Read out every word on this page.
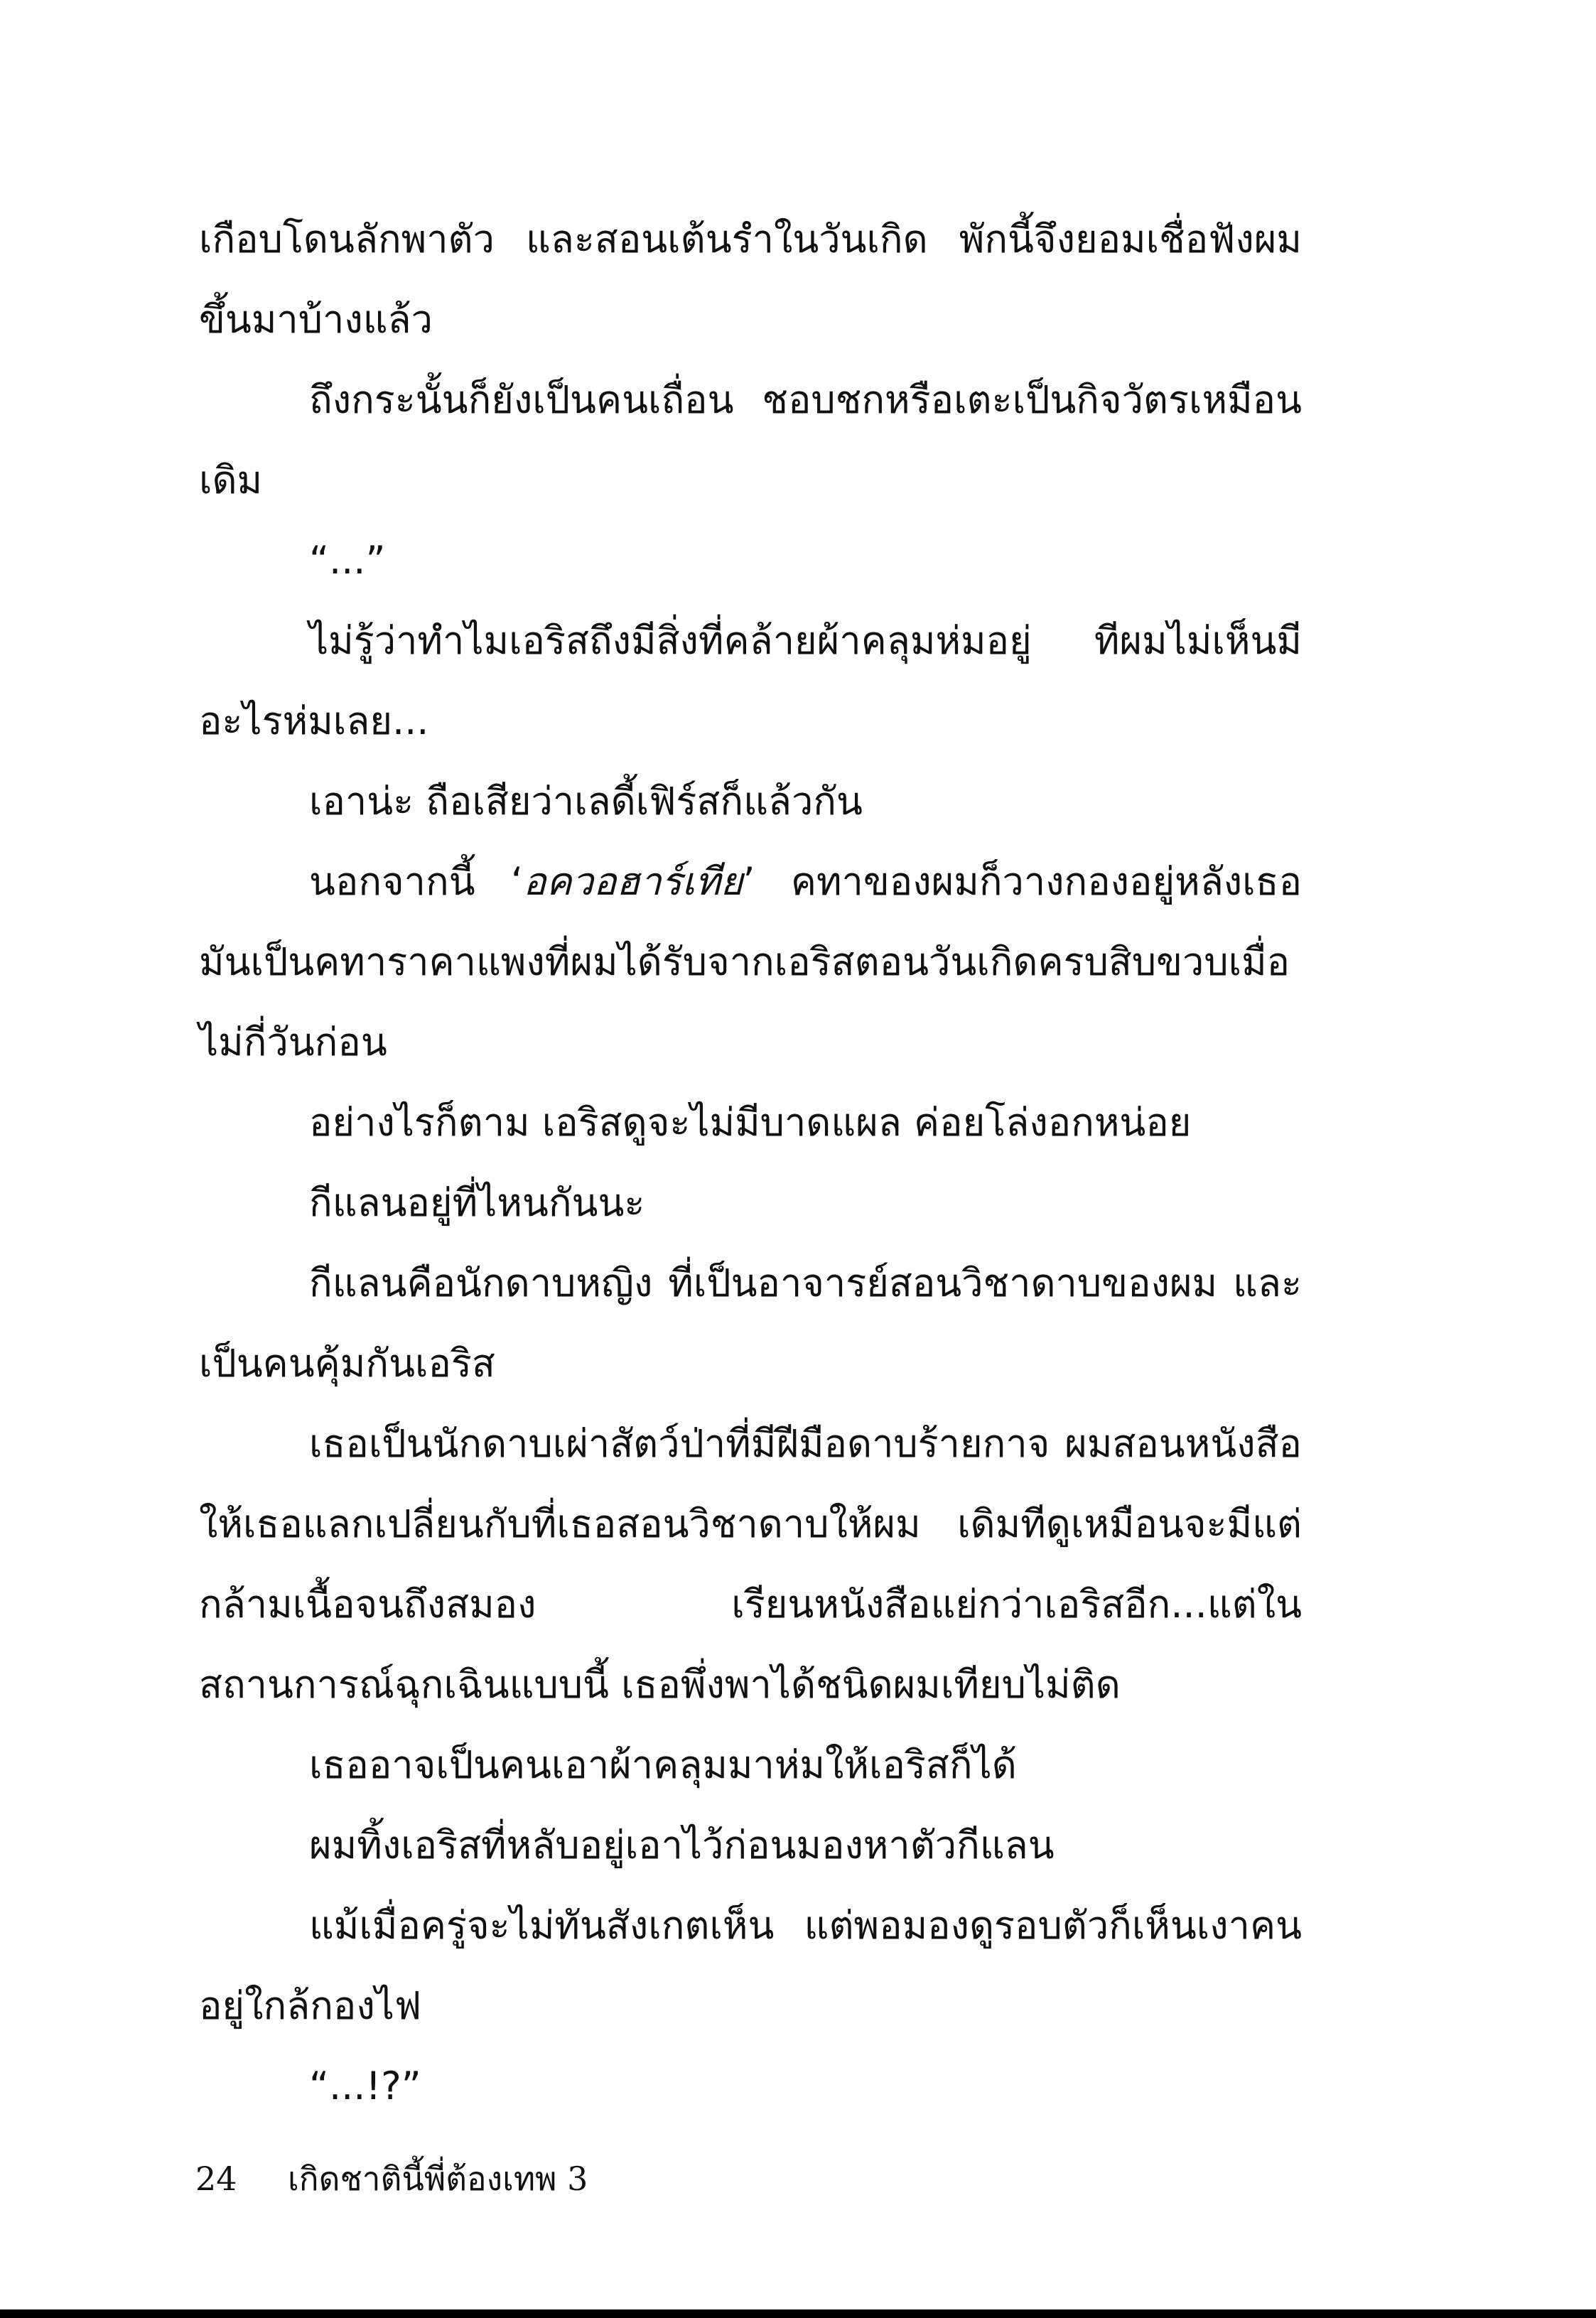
เกือบโดนลักพาตัว และสอนเต้นรำในวันเกิด พักนี้จึงยอมเชื่อฟังผมขึ้นมาบ้างแล้ว

ถึงกระนั้นก็ยังเป็นคนเถื่อน ชอบชกหรือเตะเป็นกิจวัตรเหมือนเดิม

“...”

ไม่รู้ว่าทำไมเอริสถึงมีสิ่งที่คล้ายผ้าคลุมห่มอยู่ ทีผมไม่เห็นมีอะไรห่มเลย...

เอาน่ะ ถือเสียว่าเลดี้เฟิร์สก็แล้วกัน

นอกจากนี้ ‘อควอฮาร์เทีย’ คทาของผมก็วางกองอยู่หลังเธอ มันเป็นคทาราคาแพงที่ผมได้รับจากเอริสตอนวันเกิดครบสิบขวบเมื่อไม่กี่วันก่อน

อย่างไรก็ตาม เอริสดูจะไม่มีบาดแผล ค่อยโล่งอกหน่อย

กีแลนอยู่ที่ไหนกันนะ

กีแลนคือนักดาบหญิง ที่เป็นอาจารย์สอนวิชาดาบของผม และเป็นคนคุ้มกันเอริส

เธอเป็นนักดาบเผ่าสัตว์ป่าที่มีฝีมือดาบร้ายกาจ ผมสอนหนังสือให้เธอแลกเปลี่ยนกับที่เธอสอนวิชาดาบให้ผม เดิมทีดูเหมือนจะมีแต่กล้ามเนื้อจนถึงสมอง เรียนหนังสือแย่กว่าเอริสอีก...แต่ในสถานการณ์ฉุกเฉินแบบนี้ เธอพึ่งพาได้ชนิดผมเทียบไม่ติด

เธออาจเป็นคนเอาผ้าคลุมมาห่มให้เอริสก็ได้

ผมทิ้งเอริสที่หลับอยู่เอาไว้ก่อนมองหาตัวกีแลน

แม้เมื่อครู่จะไม่ทันสังเกตเห็น แต่พอมองดูรอบตัวก็เห็นเงาคนอยู่ใกล้กองไฟ

“...!?”

24 เกิดชาตินี้พี่ต้องเทพ 3
